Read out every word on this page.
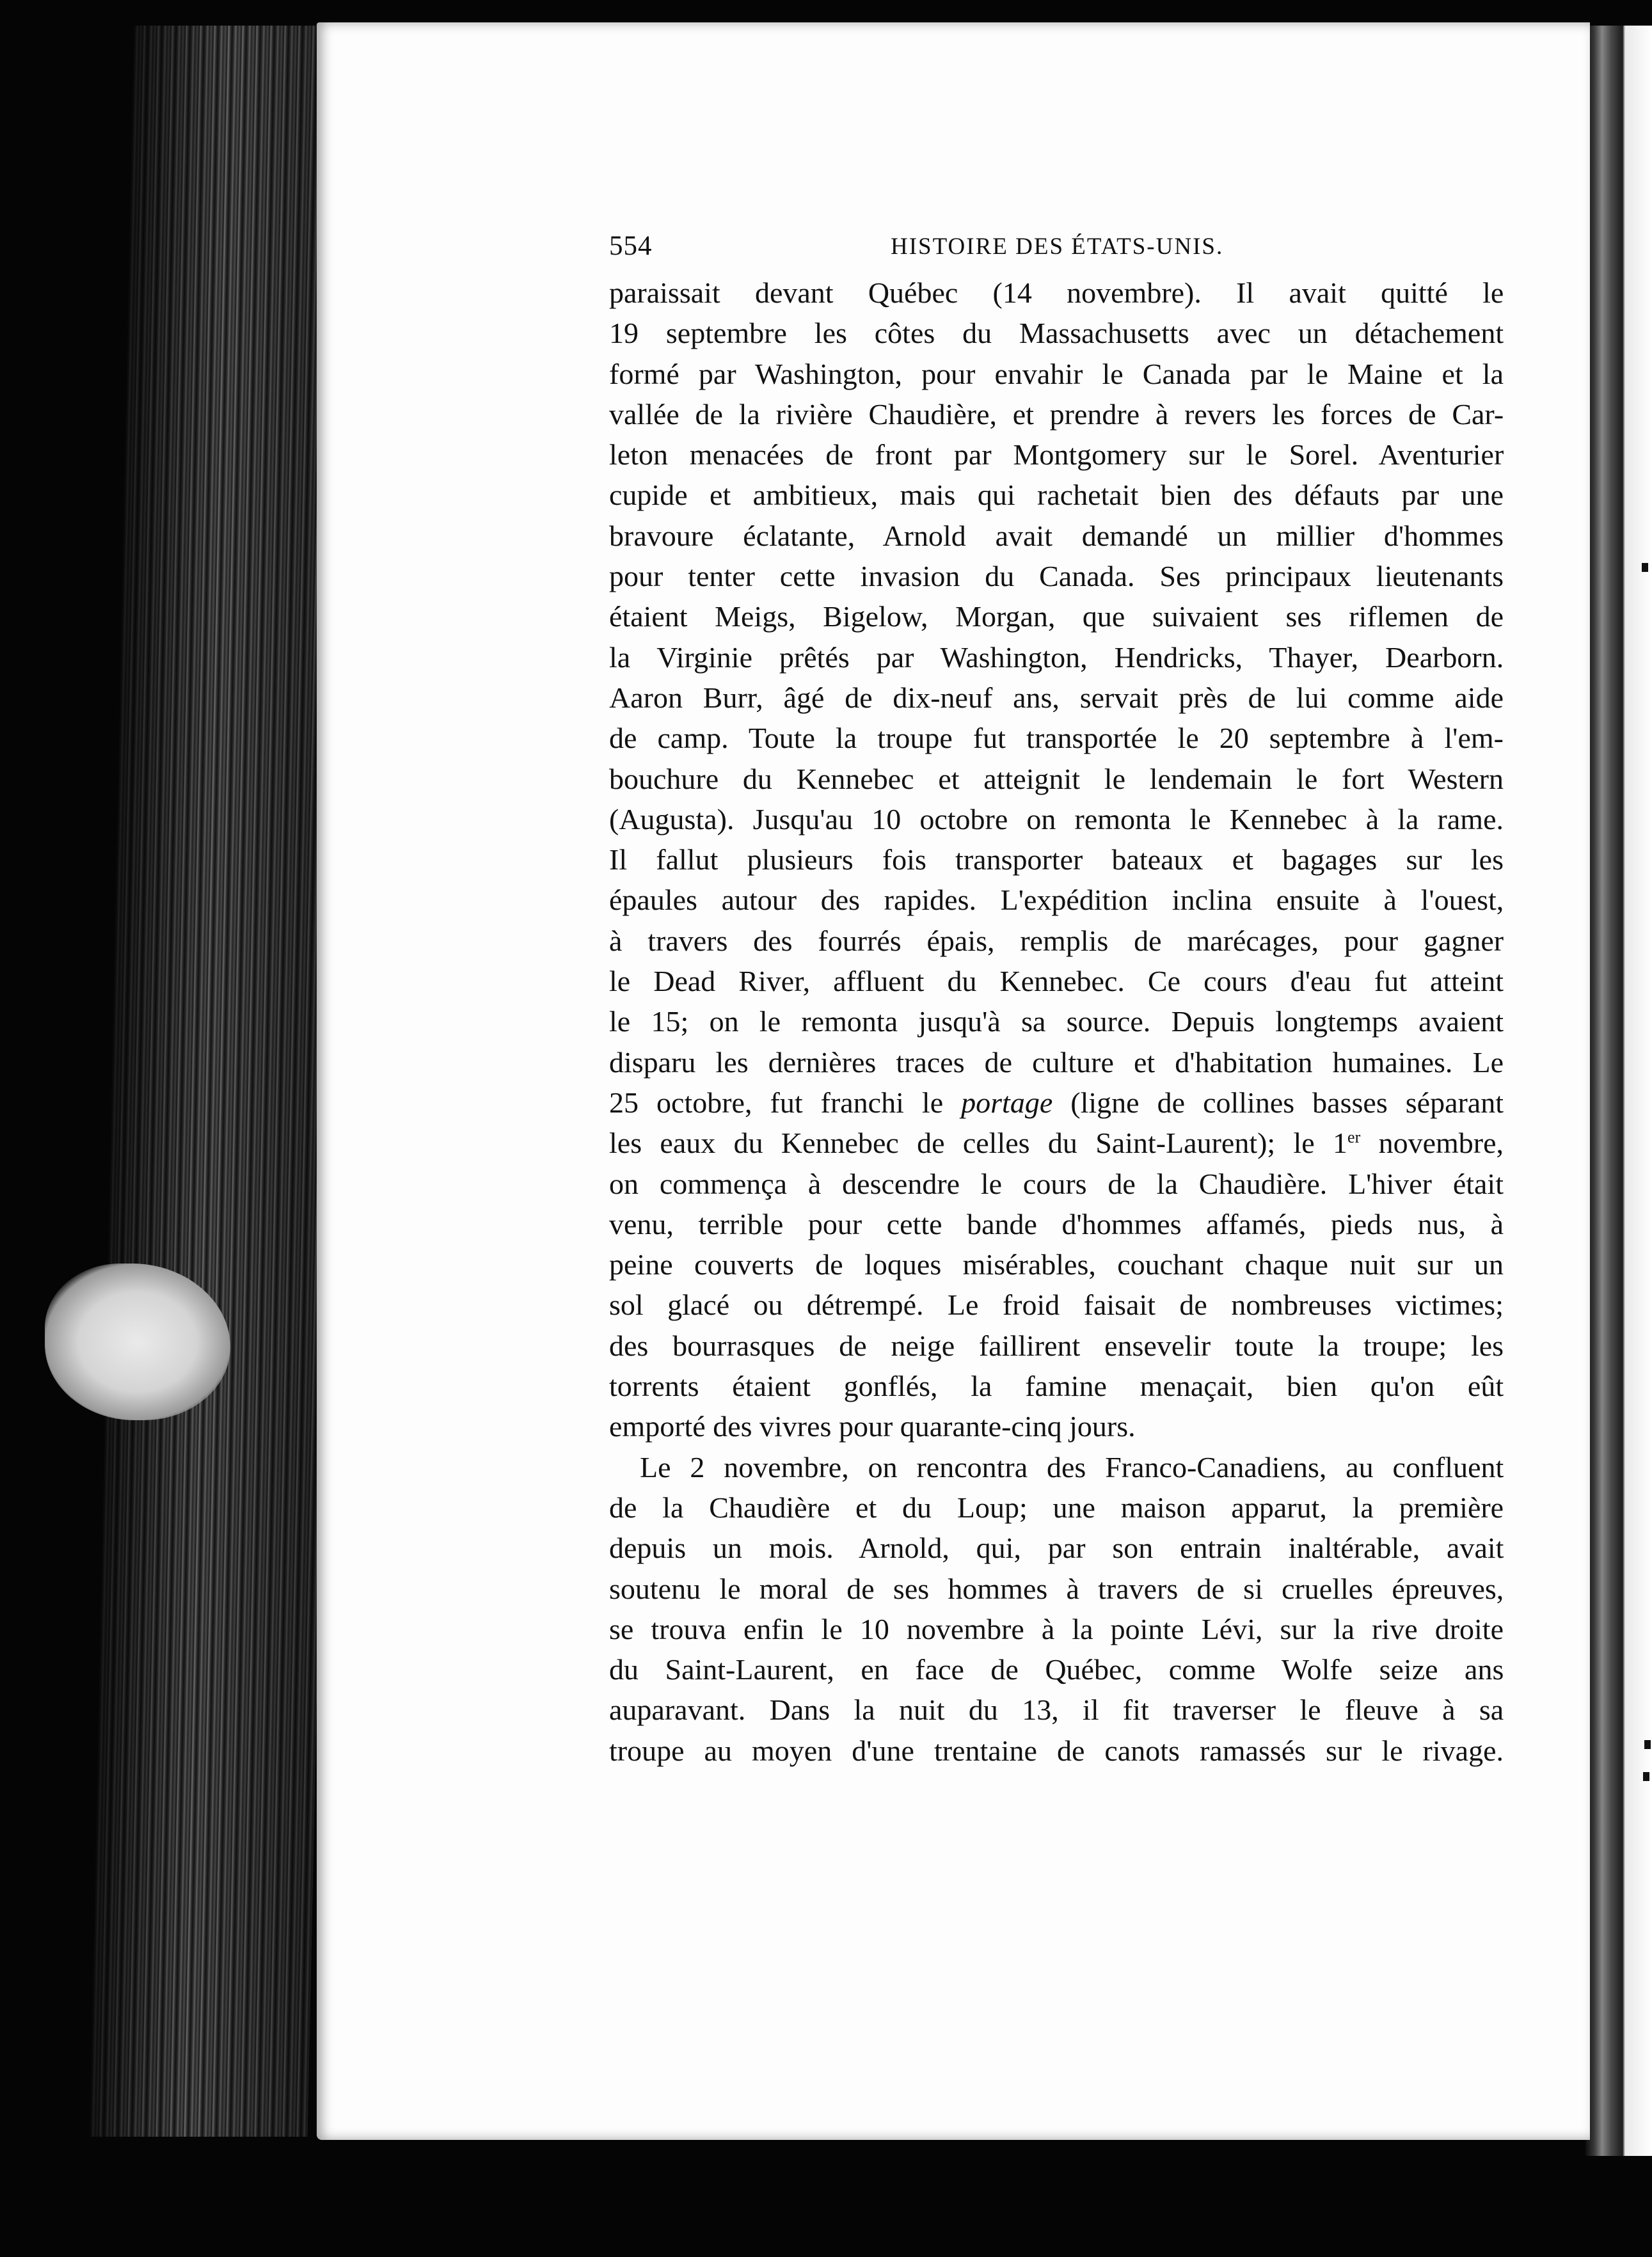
554	HISTOIRE DES ÉTATS-UNIS.
paraissait devant Québec (14 novembre). Il avait quitté le
19 septembre les côtes du Massachusetts avec un détachement
formé par Washington, pour envahir le Canada par le Maine et la
vallée de la rivière Chaudière, et prendre à revers les forces de Car-
leton menacées de front par Montgomery sur le Sorel. Aventurier
cupide et ambitieux, mais qui rachetait bien des défauts par une
bravoure éclatante, Arnold avait demandé un millier d'hommes
pour tenter cette invasion du Canada. Ses principaux lieutenants
étaient Meigs, Bigelow, Morgan, que suivaient ses riflemen de
la Virginie prêtés par Washington, Hendricks, Thayer, Dearborn.
Aaron Burr, âgé de dix-neuf ans, servait près de lui comme aide
de camp. Toute la troupe fut transportée le 20 septembre à l'em-
bouchure du Kennebec et atteignit le lendemain le fort Western
(Augusta). Jusqu'au 10 octobre on remonta le Kennebec à la rame.
Il fallut plusieurs fois transporter bateaux et bagages sur les
épaules autour des rapides. L'expédition inclina ensuite à l'ouest,
à travers des fourrés épais, remplis de marécages, pour gagner
le Dead River, affluent du Kennebec. Ce cours d'eau fut atteint
le 15; on le remonta jusqu'à sa source. Depuis longtemps avaient
disparu les dernières traces de culture et d'habitation humaines. Le
25 octobre, fut franchi le portage (ligne de collines basses séparant
les eaux du Kennebec de celles du Saint-Laurent); le 1er novembre,
on commença à descendre le cours de la Chaudière. L'hiver était
venu, terrible pour cette bande d'hommes affamés, pieds nus, à
peine couverts de loques misérables, couchant chaque nuit sur un
sol glacé ou détrempé. Le froid faisait de nombreuses victimes;
des bourrasques de neige faillirent ensevelir toute la troupe; les
torrents étaient gonflés, la famine menaçait, bien qu'on eût
emporté des vivres pour quarante-cinq jours.
Le 2 novembre, on rencontra des Franco-Canadiens, au confluent
de la Chaudière et du Loup; une maison apparut, la première
depuis un mois. Arnold, qui, par son entrain inaltérable, avait
soutenu le moral de ses hommes à travers de si cruelles épreuves,
se trouva enfin le 10 novembre à la pointe Lévi, sur la rive droite
du Saint-Laurent, en face de Québec, comme Wolfe seize ans
auparavant. Dans la nuit du 13, il fit traverser le fleuve à sa
troupe au moyen d'une trentaine de canots ramassés sur le rivage.
